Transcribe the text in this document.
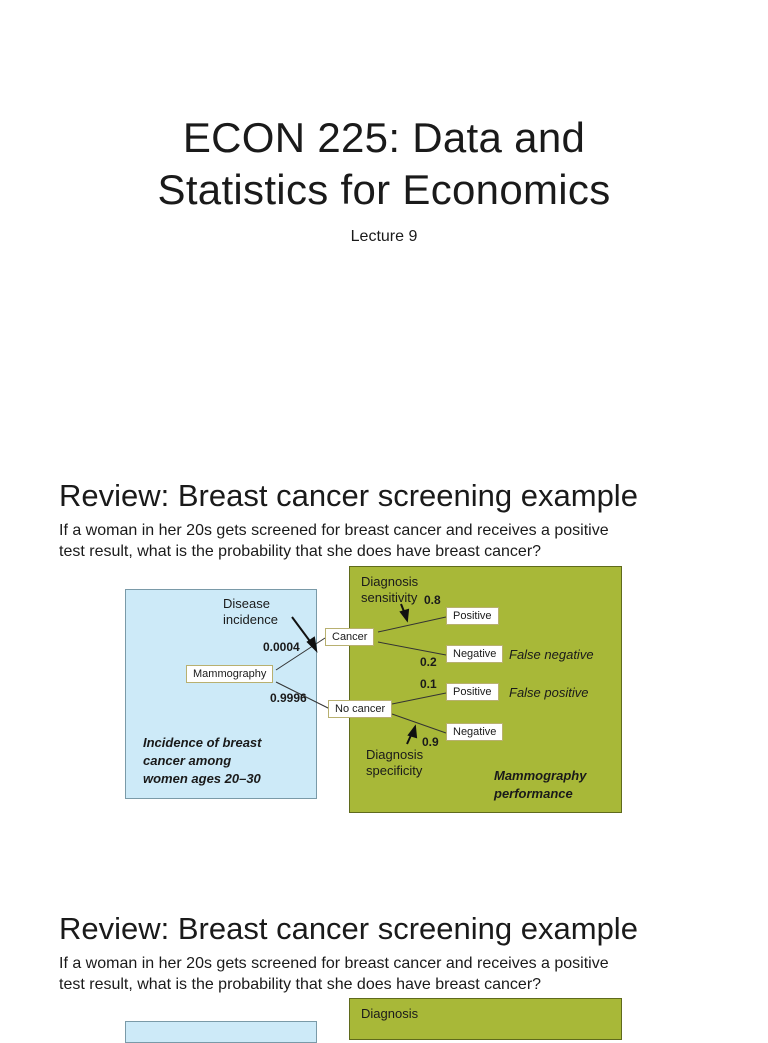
ECON 225: Data and
Statistics for Economics
Lecture 9
Review: Breast cancer screening example
If a woman in her 20s gets screened for breast cancer and receives a positive
test result, what is the probability that she does have breast cancer?
Disease
incidence
0.0004
0.9996
Mammography
Cancer
No cancer
Diagnosis
sensitivity 0.8
0.2
0.1
0.9
Positive
Negative
Positive
Negative
False negative
False positive
Diagnosis
specificity
Incidence of breast
cancer among
women ages 20–30	Mammography
performance
Review: Breast cancer screening example
If a woman in her 20s gets screened for breast cancer and receives a positive
test result, what is the probability that she does have breast cancer?
Diagnosis
